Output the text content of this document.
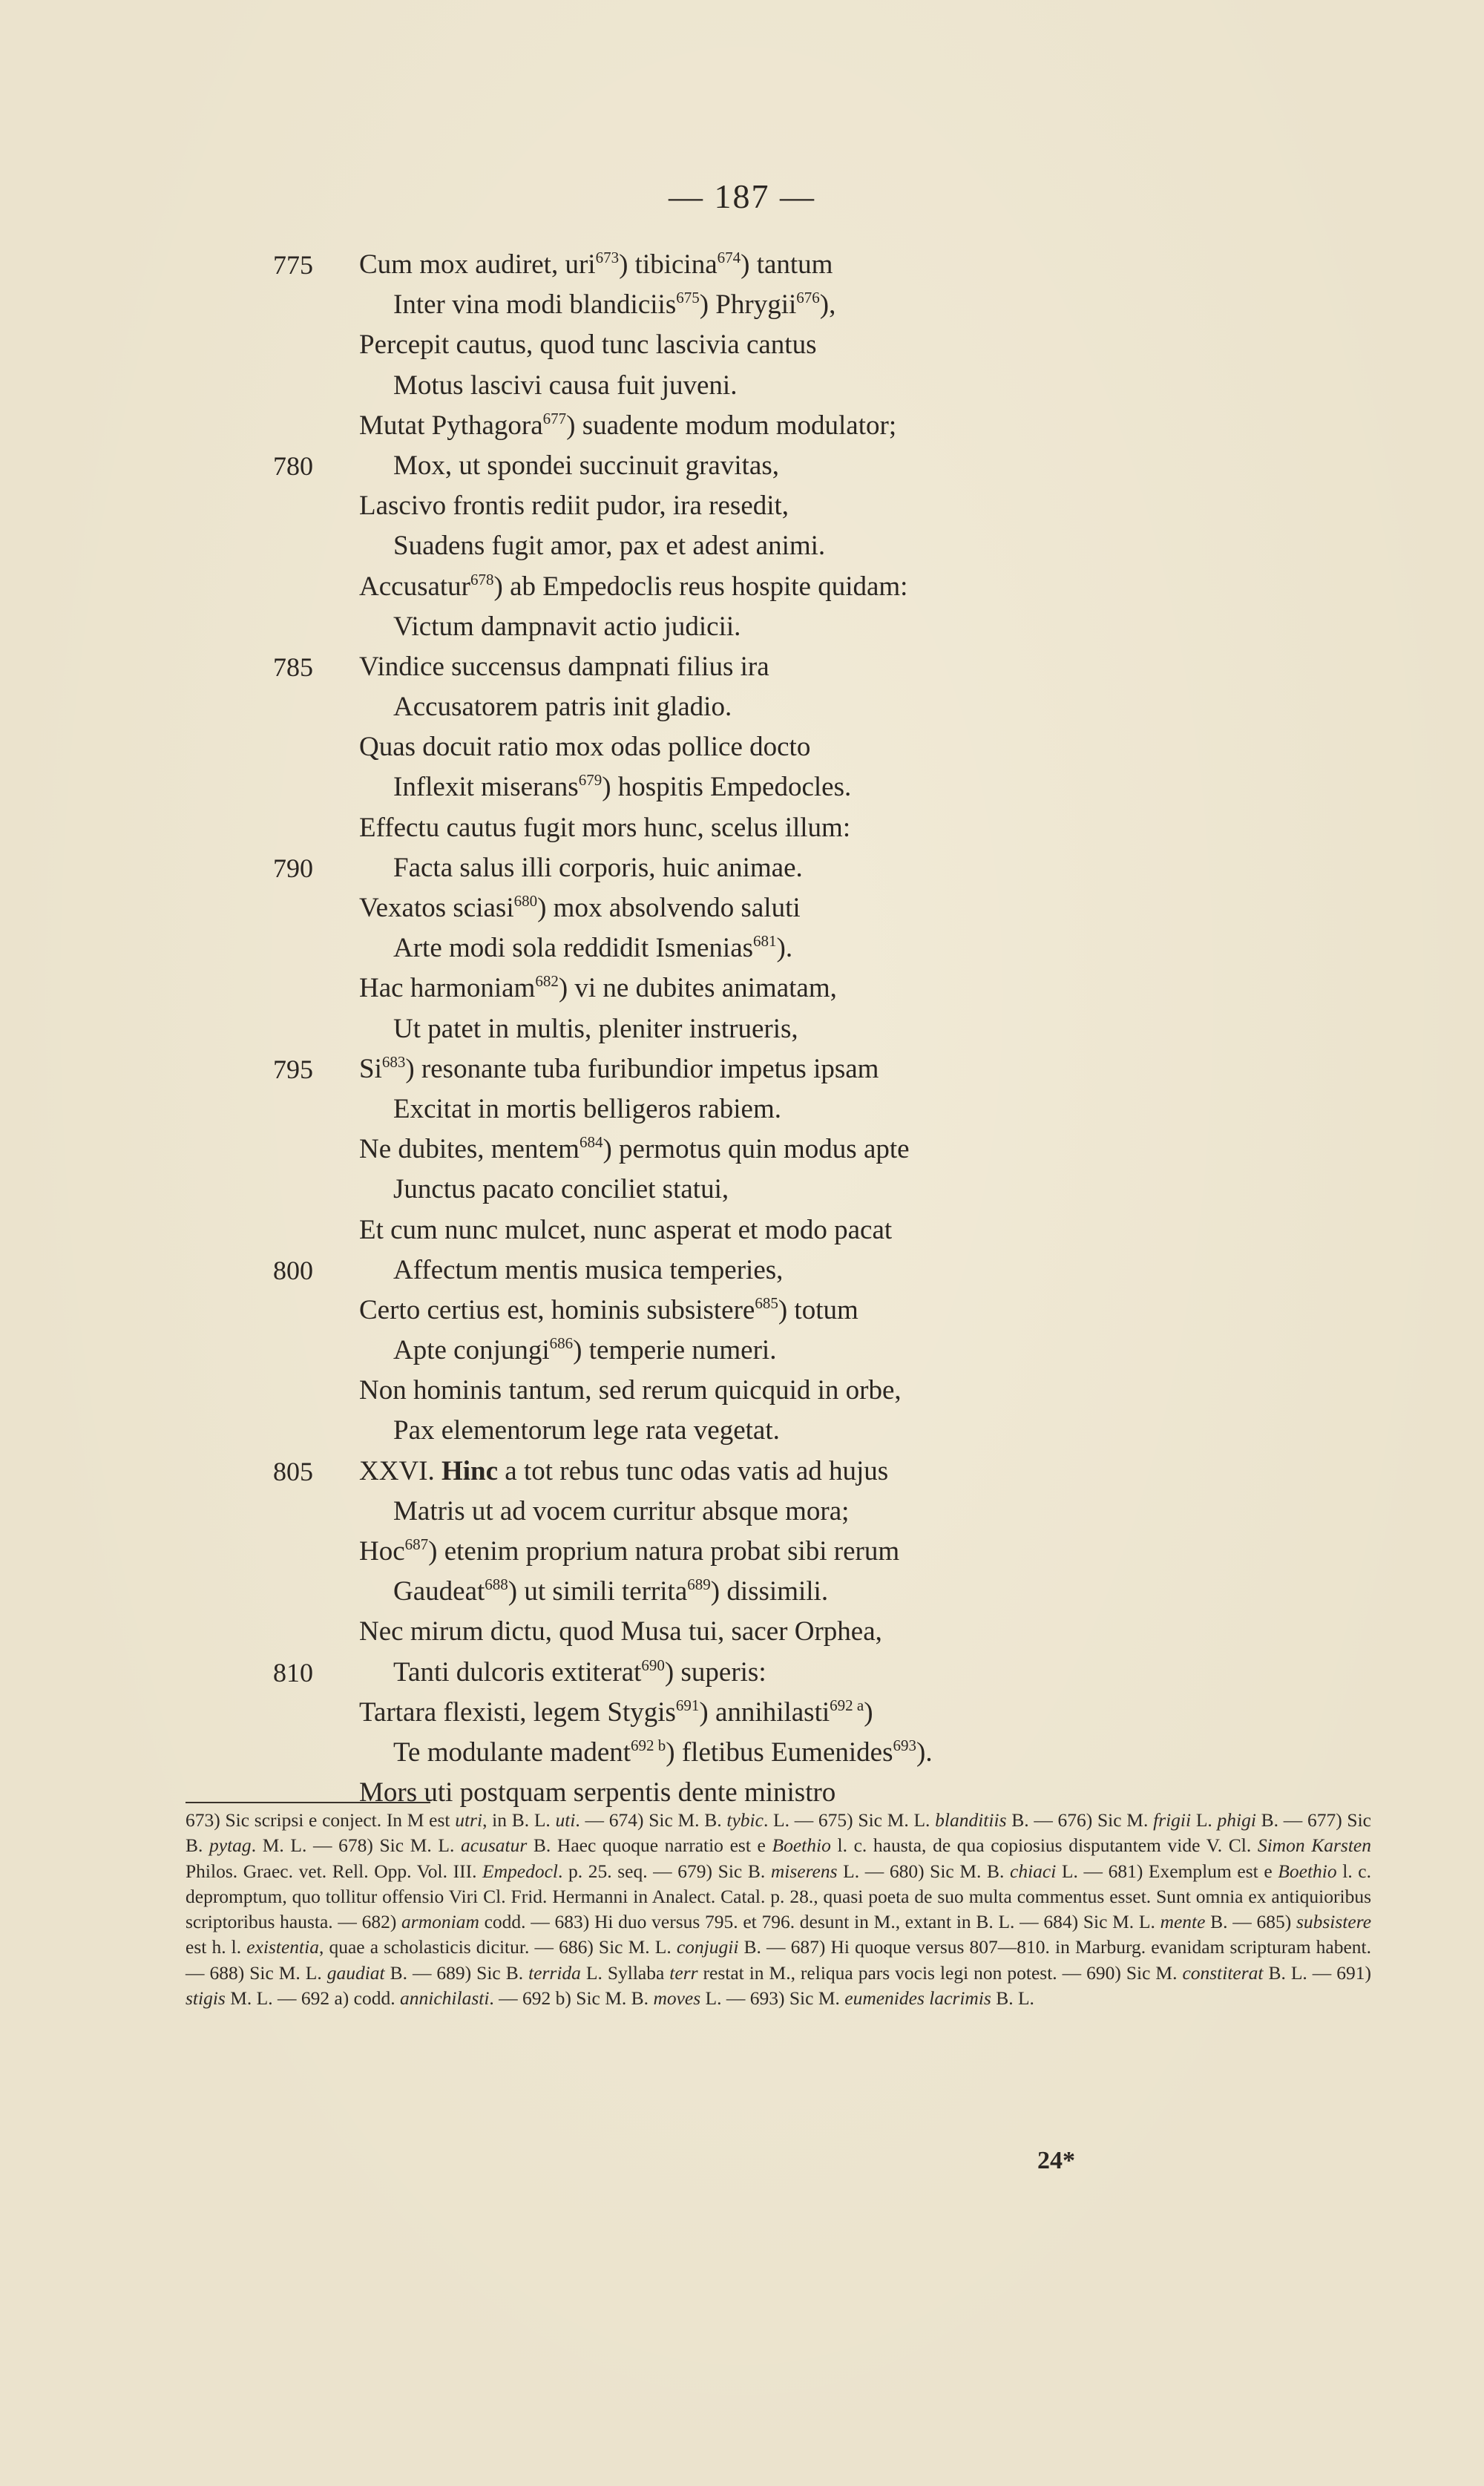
— 187 —
775	Cum mox audiret, uri$^{673}$) tibicina$^{674}$) tantum
Inter vina modi blandiciis$^{675}$) Phrygii$^{676}$),
Percepit cautus, quod tunc lascivia cantus
Motus lascivi causa fuit juveni.
Mutat Pythagora$^{677}$) suadente modum modulator;
780	Mox, ut spondei succinuit gravitas,
Lascivo frontis rediit pudor, ira resedit,
Suadens fugit amor, pax et adest animi.
Accusatur$^{678}$) ab Empedoclis reus hospite quidam:
Victum dampnavit actio judicii.
785	Vindice succensus dampnati filius ira
Accusatorem patris init gladio.
Quas docuit ratio mox odas pollice docto
Inflexit miserans$^{679}$) hospitis Empedocles.
Effectu cautus fugit mors hunc, scelus illum:
790	Facta salus illi corporis, huic animae.
Vexatos sciasi$^{680}$) mox absolvendo saluti
Arte modi sola reddidit Ismenias$^{681}$).
Hac harmoniam$^{682}$) vi ne dubites animatam,
Ut patet in multis, pleniter instrueris,
795	Si$^{683}$) resonante tuba furibundior impetus ipsam
Excitat in mortis belligeros rabiem.
Ne dubites, mentem$^{684}$) permotus quin modus apte
Junctus pacato conciliet statui,
Et cum nunc mulcet, nunc asperat et modo pacat
800	Affectum mentis musica temperies,
Certo certius est, hominis subsistere$^{685}$) totum
Apte conjungi$^{686}$) temperie numeri.
Non hominis tantum, sed rerum quicquid in orbe,
Pax elementorum lege rata vegetat.
805	XXVI. Hinc a tot rebus tunc odas vatis ad hujus
Matris ut ad vocem curritur absque mora;
Hoc$^{687}$) etenim proprium natura probat sibi rerum
Gaudeat$^{688}$) ut simili territa$^{689}$) dissimili.
Nec mirum dictu, quod Musa tui, sacer Orphea,
810	Tanti dulcoris extiterat$^{690}$) superis:
Tartara flexisti, legem Stygis$^{691}$) annihilasti$^{692 a}$)
Te modulante madent$^{692 b}$) fletibus Eumenides$^{693}$).
Mors uti postquam serpentis dente ministro

673) Sic scripsi e conject. In M est utri, in B. L. uti. — 674) Sic M. B. tybic. L. — 675) Sic M. L. blanditiis B. — 676) Sic M. frigii L. phigi B. — 677) Sic B. pytag. M. L. — 678) Sic M. L. acusatur B. Haec quoque narratio est e Boethio l. c. hausta, de qua copiosius disputantem vide V. Cl. Simon Karsten Philos. Graec. vet. Rell. Opp. Vol. III. Empedocl. p. 25. seq. — 679) Sic B. miserens L. — 680) Sic M. B. chiaci L. — 681) Exemplum est e Boethio l. c. depromptum, quo tollitur offensio Viri Cl. Frid. Hermanni in Analect. Catal. p. 28., quasi poeta de suo multa commentus esset. Sunt omnia ex antiquioribus scriptoribus hausta. — 682) armoniam codd. — 683) Hi duo versus 795. et 796. desunt in M., extant in B. L. — 684) Sic M. L. mente B. — 685) subsistere est h. l. existentia, quae a scholasticis dicitur. — 686) Sic M. L. conjugii B. — 687) Hi quoque versus 807—810. in Marburg. evanidam scripturam habent. — 688) Sic M. L. gaudiat B. — 689) Sic B. terrida L. Syllaba terr restat in M., reliqua pars vocis legi non potest. — 690) Sic M. constiterat B. L. — 691) stigis M. L. — 692 a) codd. annichilasti. — 692 b) Sic M. B. moves L. — 693) Sic M. eumenides lacrimis B. L.

24*
